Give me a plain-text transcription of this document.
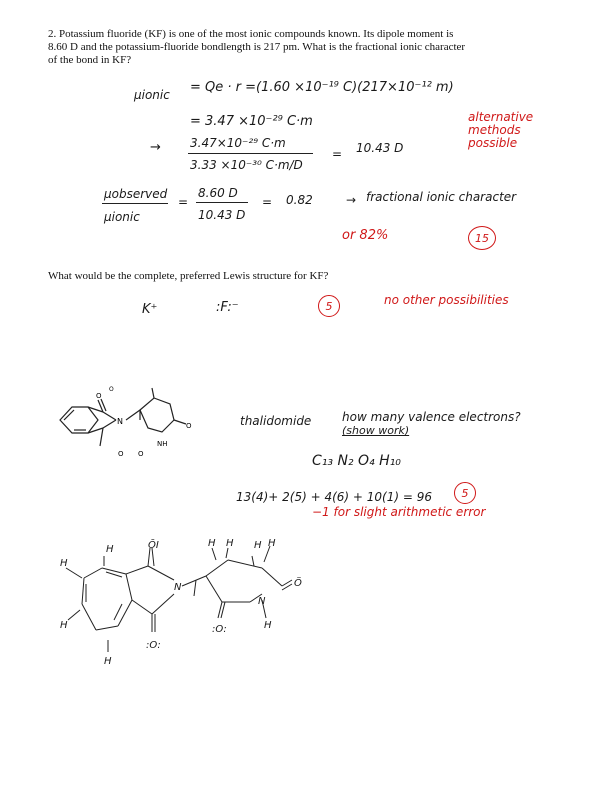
2. Potassium fluoride (KF) is one of the most ionic compounds known. Its dipole moment is
8.60 D and the potassium-fluoride bondlength is 217 pm. What is the fractional ionic character
of the bond in KF?
μionic = Qe · r =(1.60 ×10⁻¹⁹ C)(217×10⁻¹² m)
= 3.47 ×10⁻²⁹ C·m
→ 3.47×10⁻²⁹ C·m
3.33 ×10⁻³⁰ C·m/D
= 10.43 D
alternative
methods
possible
μobserved
μionic
=
8.60 D
10.43 D
= 0.82	→ fractional ionic character
or 82%	15
What would be the complete, preferred Lewis structure for KF?
K⁺	:F:⁻	5	no other possibilities
thalidomide	how many valence electrons?
(show work)
C₁₃ N₂ O₄ H₁₀
13(4)+ 2(5) + 4(6) + 10(1) = 96	5
−1 for slight arithmetic error
N
O
O O
O
O
NH
H
H
H
H
ŌI
:O:
N
H H H H
Ö
N
:O:	H
